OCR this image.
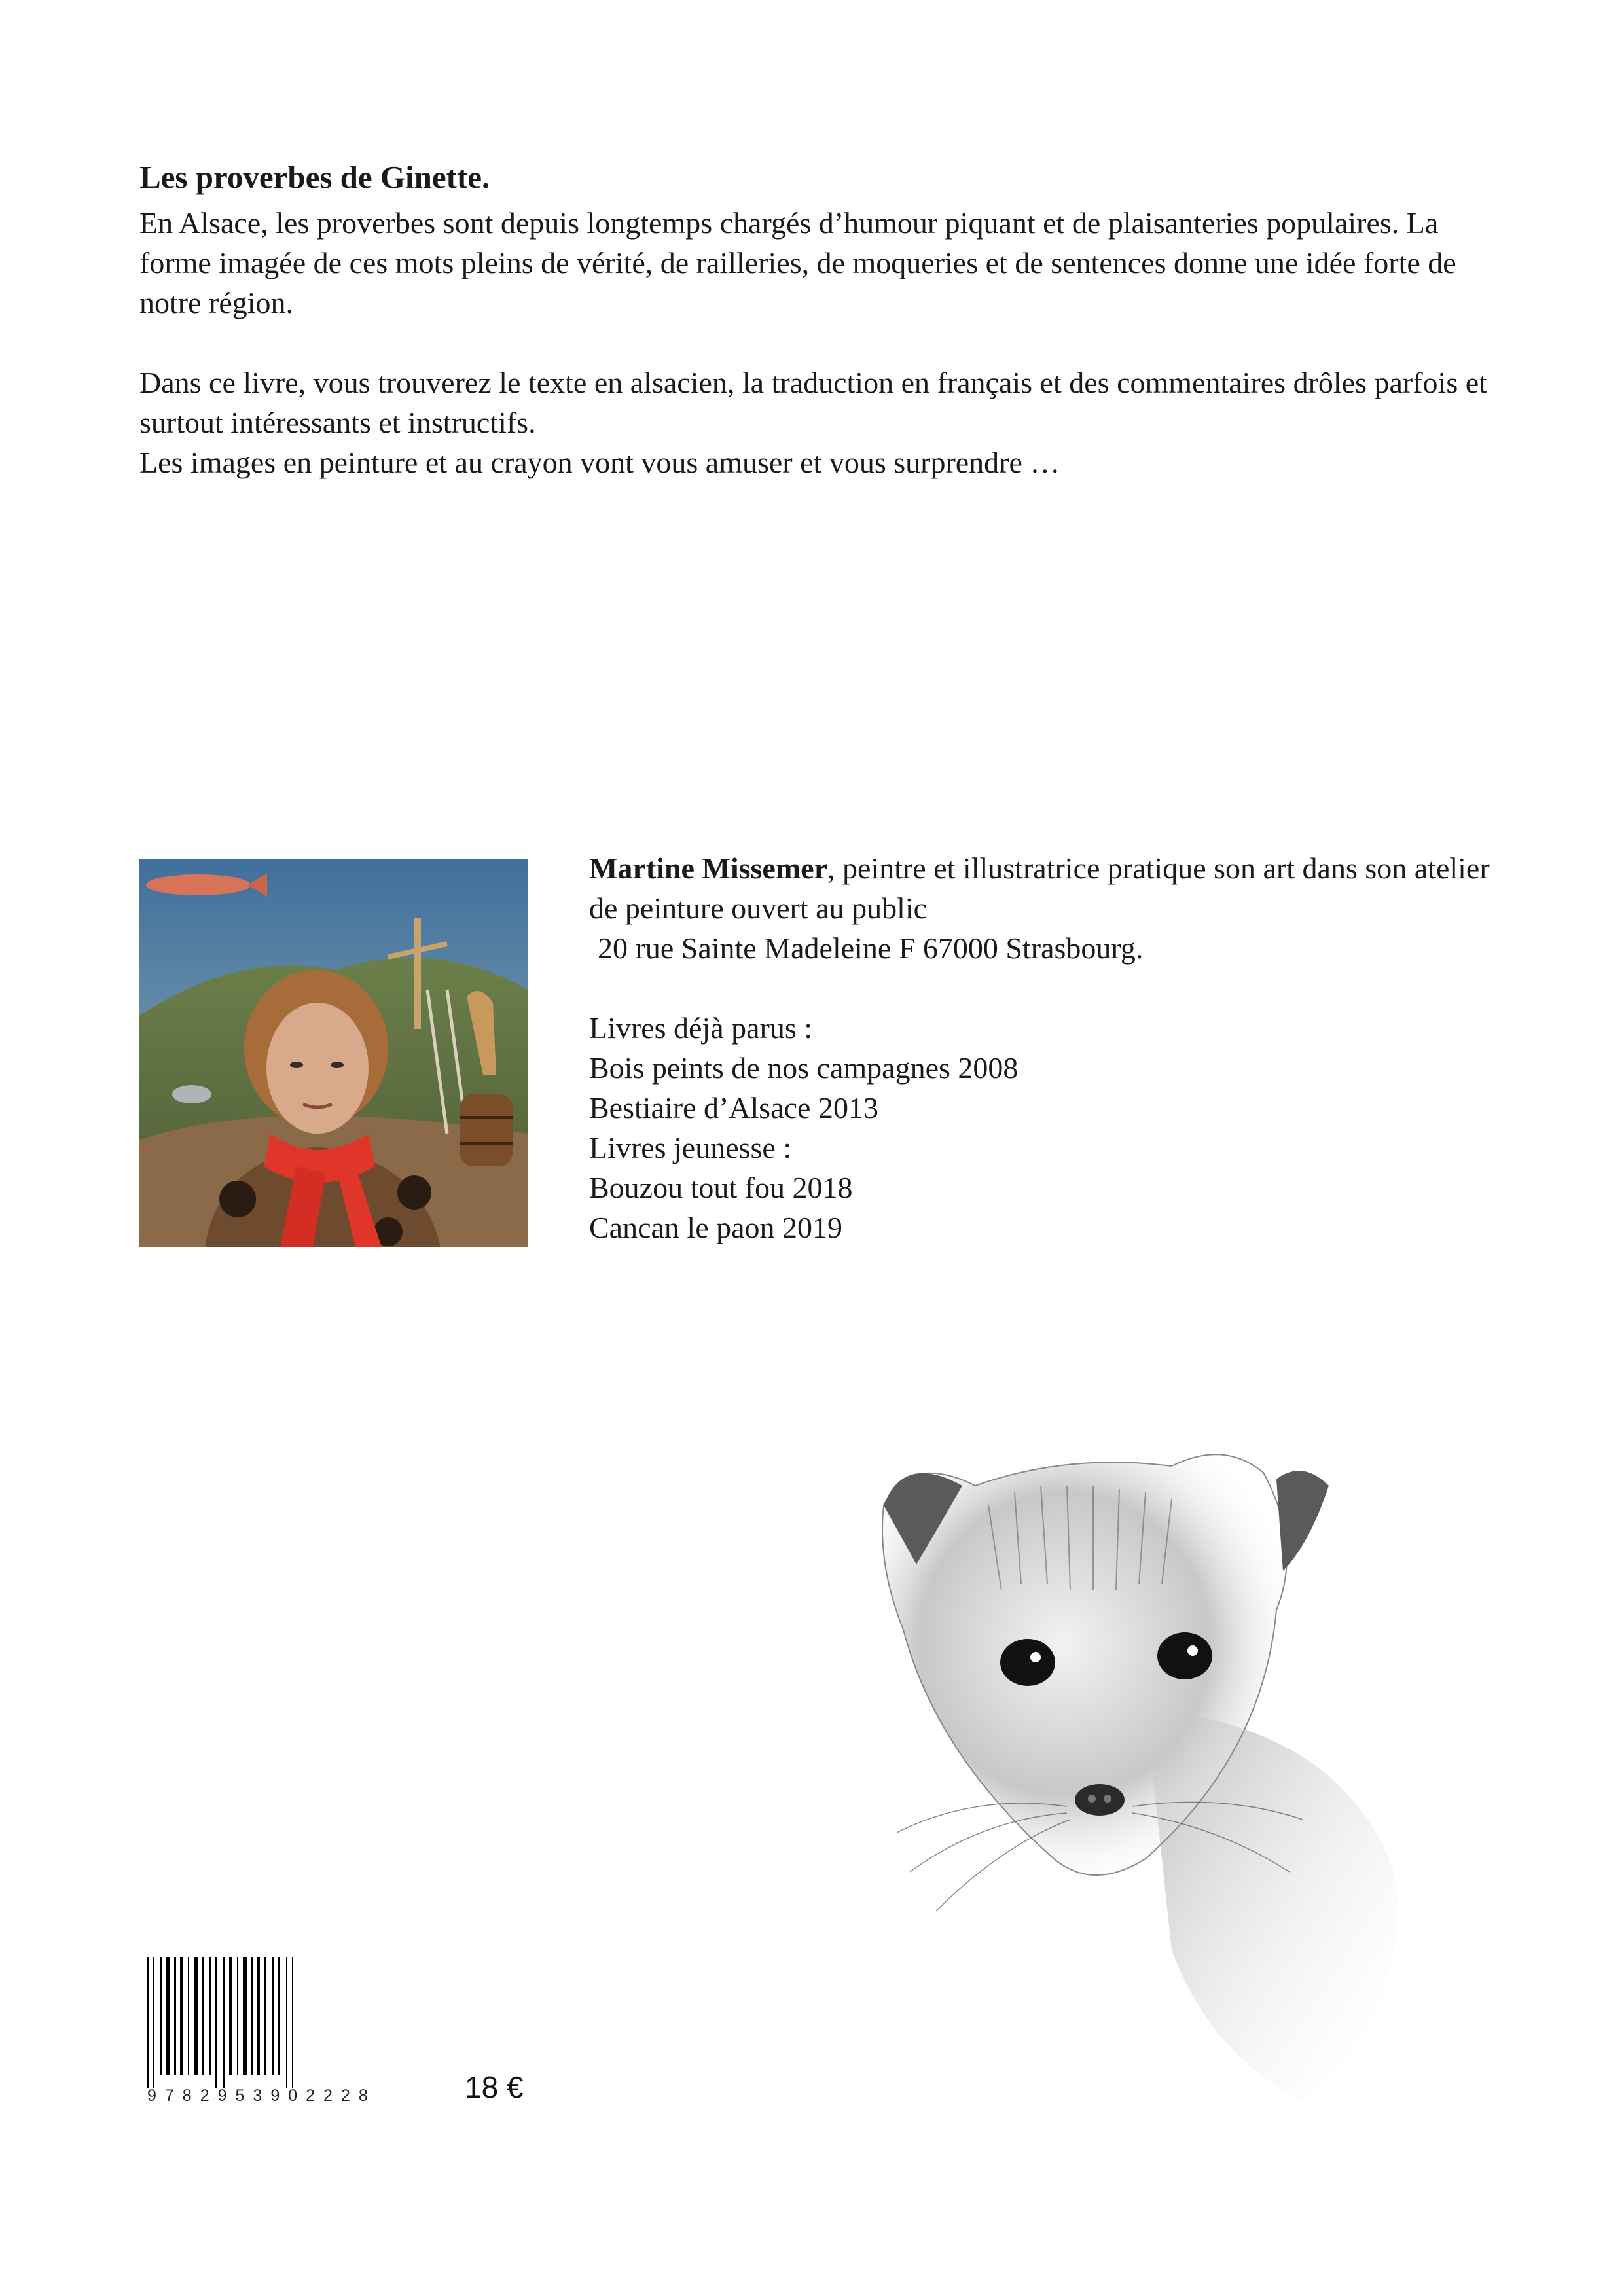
Les proverbes de Ginette.

En Alsace, les proverbes sont depuis longtemps chargés d’humour piquant et de plaisanteries populaires. La forme imagée de ces mots pleins de vérité, de railleries, de moqueries et de sentences donne une idée forte de notre région.

Dans ce livre, vous trouverez le texte en alsacien, la traduction en français et des commentaires drôles parfois et surtout intéressants et instructifs.

Les images en peinture et au crayon vont vous amuser et vous surprendre …

Martine Missemer, peintre et illustratrice pratique son art dans son atelier de peinture ouvert au public

20 rue Sainte Madeleine F 67000 Strasbourg.

Livres déjà parus :

Bois peints de nos campagnes 2008

Bestiaire d’Alsace 2013

Livres jeunesse :

Bouzou tout fou 2018

Cancan le paon 2019

9782953902228	18 €
